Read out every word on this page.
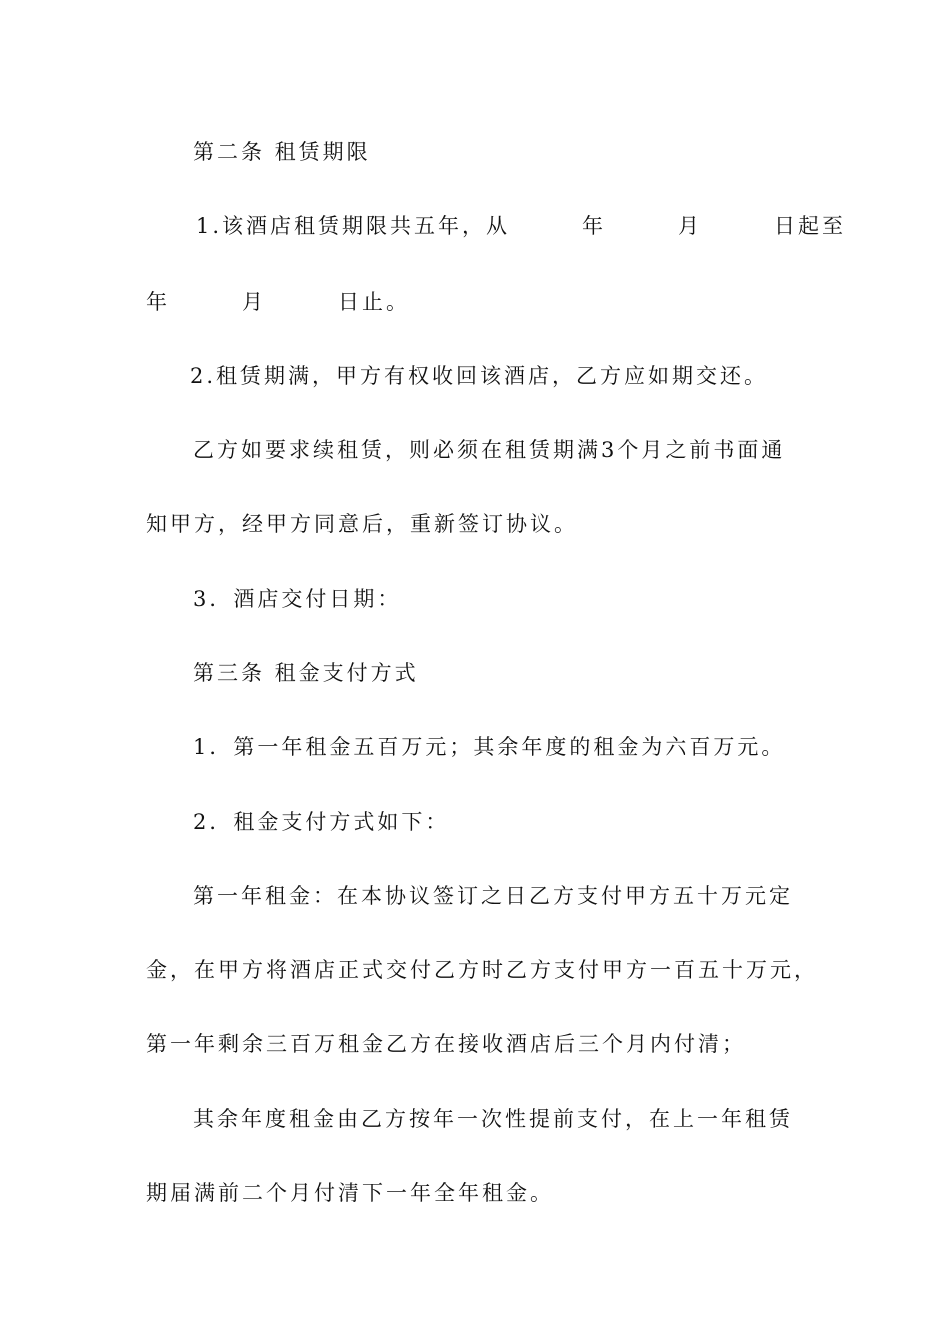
第二条 租赁期限
1.该酒店租赁期限共五年，从　　　年　　　月　　　日起至
年　　　月　　　日止。
2.租赁期满，甲方有权收回该酒店，乙方应如期交还。
乙方如要求续租赁，则必须在租赁期满3个月之前书面通
知甲方，经甲方同意后，重新签订协议。
3．酒店交付日期：
第三条 租金支付方式
1．第一年租金五百万元；其余年度的租金为六百万元。
2．租金支付方式如下：
第一年租金：在本协议签订之日乙方支付甲方五十万元定
金，在甲方将酒店正式交付乙方时乙方支付甲方一百五十万元，
第一年剩余三百万租金乙方在接收酒店后三个月内付清；
其余年度租金由乙方按年一次性提前支付，在上一年租赁
期届满前二个月付清下一年全年租金。
